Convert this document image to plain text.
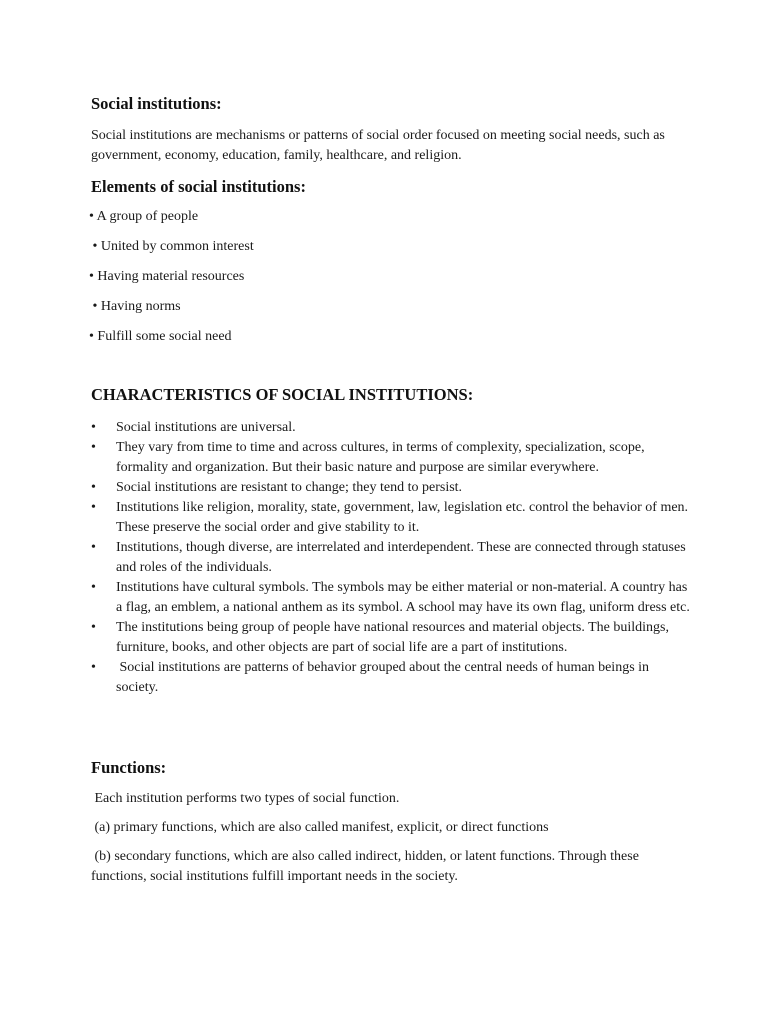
Social institutions:

Social institutions are mechanisms or patterns of social order focused on meeting social needs, such as government, economy, education, family, healthcare, and religion.

Elements of social institutions:
• A group of people
• United by common interest
• Having material resources
• Having norms
• Fulfill some social need
CHARACTERISTICS OF SOCIAL INSTITUTIONS:
•	Social institutions are universal.
•	They vary from time to time and across cultures, in terms of complexity, specialization, scope, formality and organization. But their basic nature and purpose are similar everywhere.
•	Social institutions are resistant to change; they tend to persist.
•	Institutions like religion, morality, state, government, law, legislation etc. control the behavior of men. These preserve the social order and give stability to it.
•	Institutions, though diverse, are interrelated and interdependent. These are connected through statuses and roles of the individuals.
•	Institutions have cultural symbols. The symbols may be either material or non-material. A country has a flag, an emblem, a national anthem as its symbol. A school may have its own flag, uniform dress etc.
•	The institutions being group of people have national resources and material objects. The buildings, furniture, books, and other objects are part of social life are a part of institutions.
•	Social institutions are patterns of behavior grouped about the central needs of human beings in society.
Functions:

Each institution performs two types of social function.

(a) primary functions, which are also called manifest, explicit, or direct functions

(b) secondary functions, which are also called indirect, hidden, or latent functions. Through these functions, social institutions fulfill important needs in the society.
